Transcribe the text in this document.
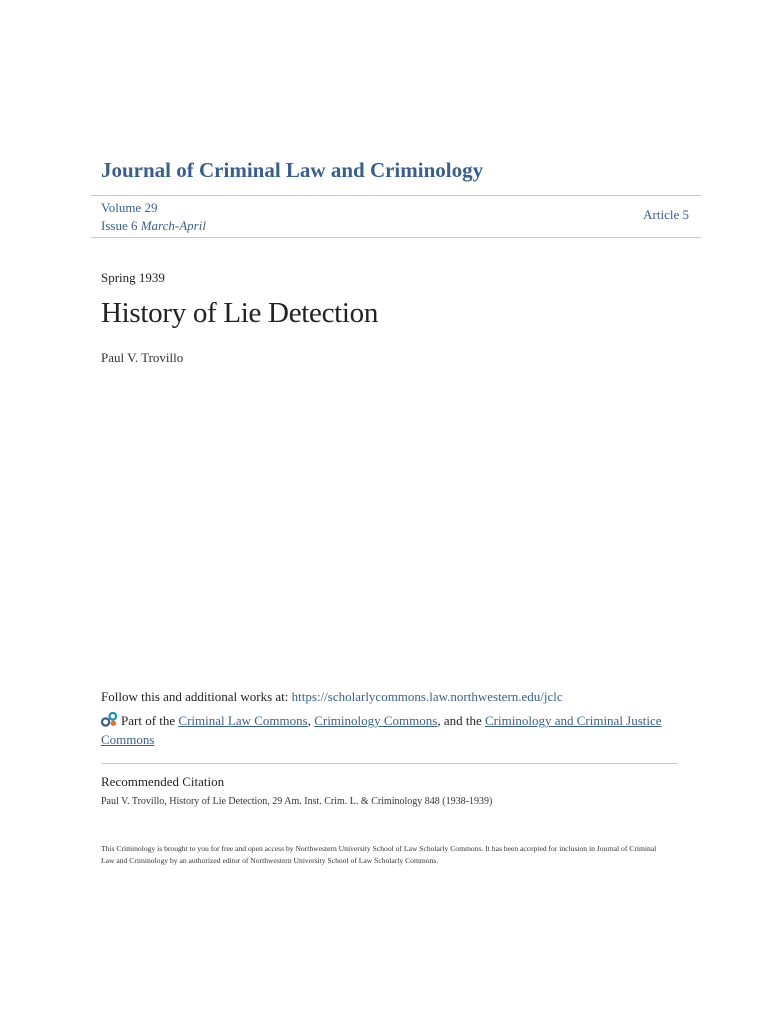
Journal of Criminal Law and Criminology
Volume 29
Issue 6 March-April
Article 5
Spring 1939
History of Lie Detection
Paul V. Trovillo
Follow this and additional works at: https://scholarlycommons.law.northwestern.edu/jclc
Part of the Criminal Law Commons, Criminology Commons, and the Criminology and Criminal Justice Commons
Recommended Citation
Paul V. Trovillo, History of Lie Detection, 29 Am. Inst. Crim. L. & Criminology 848 (1938-1939)
This Criminology is brought to you for free and open access by Northwestern University School of Law Scholarly Commons. It has been accepted for inclusion in Journal of Criminal Law and Criminology by an authorized editor of Northwestern University School of Law Scholarly Commons.
